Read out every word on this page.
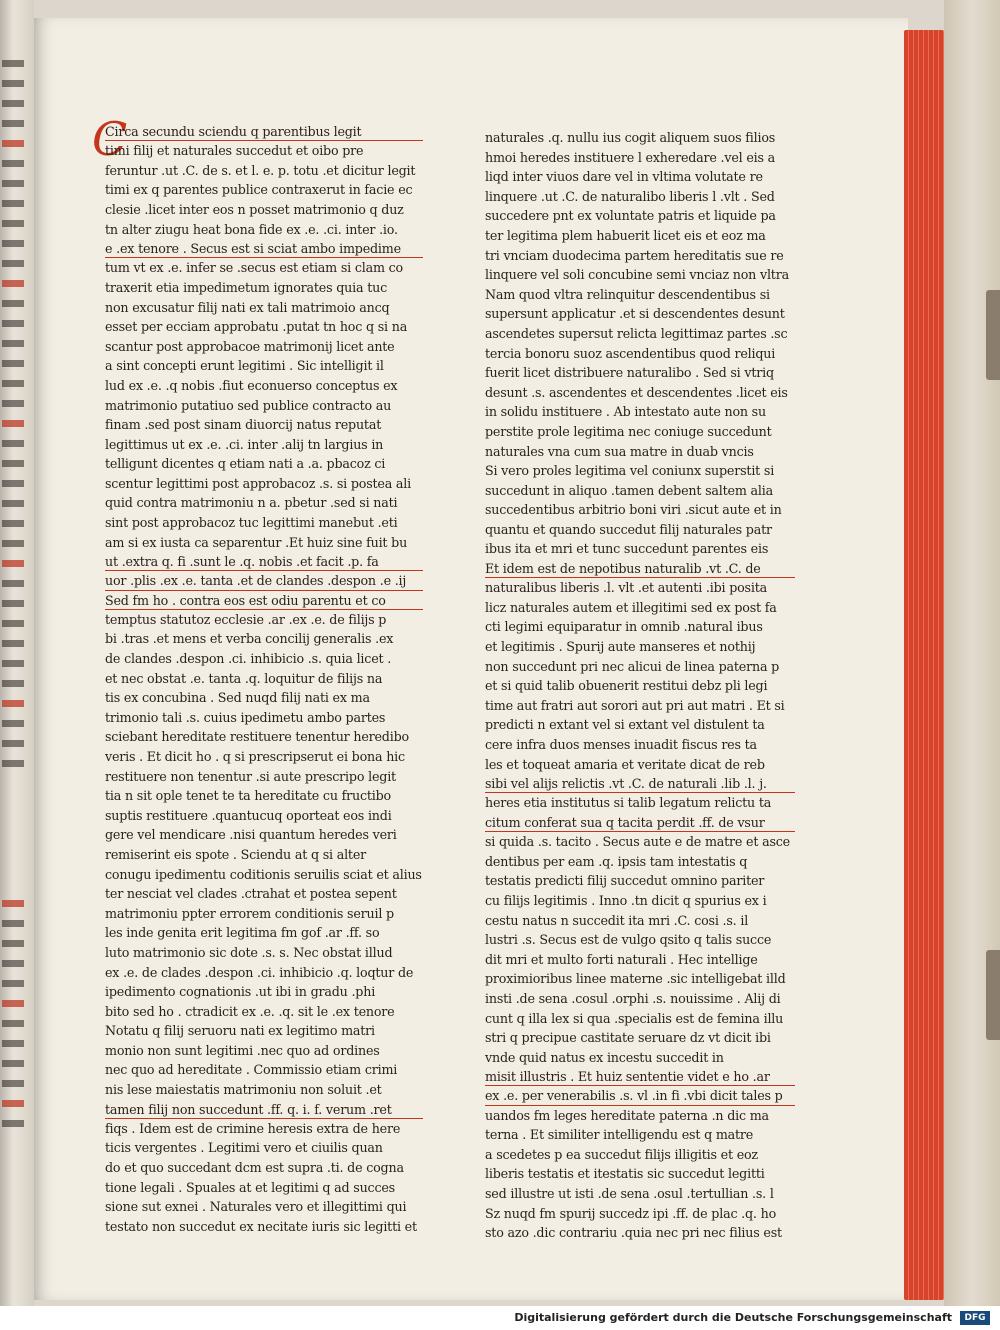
C
Circa secundu sciendu q parentibus legit
timi filij et naturales succedut et oibo pre
feruntur .ut .C. de s. et l. e. p. totu .et dicitur legit
timi ex q parentes publice contraxerut in facie ec
clesie .licet inter eos n posset matrimonio q duz
tn alter ziugu heat bona fide ex .e. .ci. inter .io.
e .ex tenore . Secus est si sciat ambo impedime
tum vt ex .e. infer se .secus est etiam si clam co
traxerit etia impedimetum ignorates quia tuc
non excusatur filij nati ex tali matrimoio ancq
esset per ecciam approbatu .putat tn hoc q si na
scantur post approbacoe matrimonij licet ante
a sint concepti erunt legitimi . Sic intelligit il
lud ex .e. .q nobis .fiut econuerso conceptus ex
matrimonio putatiuo sed publice contracto au
finam .sed post sinam diuorcij natus reputat
legittimus ut ex .e. .ci. inter .alij tn largius in
telligunt dicentes q etiam nati a .a. pbacoz ci
scentur legittimi post approbacoz .s. si postea ali
quid contra matrimoniu n a. pbetur .sed si nati
sint post approbacoz tuc legittimi manebut .eti
am si ex iusta ca separentur .Et huiz sine fuit bu
ut .extra q. fi .sunt le .q. nobis .et facit .p. fa
uor .plis .ex .e. tanta .et de clandes .despon .e .ij
Sed fm ho . contra eos est odiu parentu et co
temptus statutoz ecclesie .ar .ex .e. de filijs p
bi .tras .et mens et verba concilij generalis .ex
de clandes .despon .ci. inhibicio .s. quia licet .
et nec obstat .e. tanta .q. loquitur de filijs na
tis ex concubina . Sed nuqd filij nati ex ma
trimonio tali .s. cuius ipedimetu ambo partes
sciebant hereditate restituere tenentur heredibo
veris . Et dicit ho . q si prescripserut ei bona hic
restituere non tenentur .si aute prescripo legit
tia n sit ople tenet te ta hereditate cu fructibo
suptis restituere .quantucuq oporteat eos indi
gere vel mendicare .nisi quantum heredes veri
remiserint eis spote . Sciendu at q si alter
conugu ipedimentu coditionis seruilis sciat et alius
ter nesciat vel clades .ctrahat et postea sepent
matrimoniu ppter errorem conditionis seruil p
les inde genita erit legitima fm gof .ar .ff. so
luto matrimonio sic dote .s. s. Nec obstat illud
ex .e. de clades .despon .ci. inhibicio .q. loqtur de
ipedimento cognationis .ut ibi in gradu .phi
bito sed ho . ctradicit ex .e. .q. sit le .ex tenore
Notatu q filij seruoru nati ex legitimo matri
monio non sunt legitimi .nec quo ad ordines
nec quo ad hereditate . Commissio etiam crimi
nis lese maiestatis matrimoniu non soluit .et
tamen filij non succedunt .ff. q. i. f. verum .ret
fiqs . Idem est de crimine heresis extra de here
ticis vergentes . Legitimi vero et ciuilis quan
do et quo succedant dcm est supra .ti. de cogna
tione legali . Spuales at et legitimi q ad succes
sione sut exnei . Naturales vero et illegittimi qui
testato non succedut ex necitate iuris sic legitti et
naturales .q. nullu ius cogit aliquem suos filios
hmoi heredes instituere l exheredare .vel eis a
liqd inter viuos dare vel in vltima volutate re
linquere .ut .C. de naturalibo liberis l .vlt . Sed
succedere pnt ex voluntate patris et liquide pa
ter legitima plem habuerit licet eis et eoz ma
tri vnciam duodecima partem hereditatis sue re
linquere vel soli concubine semi vnciaz non vltra
Nam quod vltra relinquitur descendentibus si
supersunt applicatur .et si descendentes desunt
ascendetes supersut relicta legittimaz partes .sc
tercia bonoru suoz ascendentibus quod reliqui
fuerit licet distribuere naturalibo . Sed si vtriq
desunt .s. ascendentes et descendentes .licet eis
in solidu instituere . Ab intestato aute non su
perstite prole legitima nec coniuge succedunt
naturales vna cum sua matre in duab vncis
Si vero proles legitima vel coniunx superstit si
succedunt in aliquo .tamen debent saltem alia
succedentibus arbitrio boni viri .sicut aute et in
quantu et quando succedut filij naturales patr
ibus ita et mri et tunc succedunt parentes eis
Et idem est de nepotibus naturalib .vt .C. de
naturalibus liberis .l. vlt .et autenti .ibi posita
licz naturales autem et illegitimi sed ex post fa
cti legimi equiparatur in omnib .natural ibus
et legitimis . Spurij aute manseres et nothij
non succedunt pri nec alicui de linea paterna p
et si quid talib obuenerit restitui debz pli legi
time aut fratri aut sorori aut pri aut matri . Et si
predicti n extant vel si extant vel distulent ta
cere infra duos menses inuadit fiscus res ta
les et toqueat amaria et veritate dicat de reb
sibi vel alijs relictis .vt .C. de naturali .lib .l. j.
heres etia institutus si talib legatum relictu ta
citum conferat sua q tacita perdit .ff. de vsur
si quida .s. tacito . Secus aute e de matre et asce
dentibus per eam .q. ipsis tam intestatis q
testatis predicti filij succedut omnino pariter
cu filijs legitimis . Inno .tn dicit q spurius ex i
cestu natus n succedit ita mri .C. cosi .s. il
lustri .s. Secus est de vulgo qsito q talis succe
dit mri et multo forti naturali . Hec intellige
proximioribus linee materne .sic intelligebat illd
insti .de sena .cosul .orphi .s. nouissime . Alij di
cunt q illa lex si qua .specialis est de femina illu
stri q precipue castitate seruare dz vt dicit ibi
vnde quid natus ex incestu succedit in
misit illustris . Et huiz sententie videt e ho .ar
ex .e. per venerabilis .s. vl .in fi .vbi dicit tales p
uandos fm leges hereditate paterna .n dic ma
terna . Et similiter intelligendu est q matre
a scedetes p ea succedut filijs illigitis et eoz
liberis testatis et itestatis sic succedut legitti
sed illustre ut isti .de sena .osul .tertullian .s. l
Sz nuqd fm spurij succedz ipi .ff. de plac .q. ho
sto azo .dic contrariu .quia nec pri nec filius est
Digitalisierung gefördert durch die Deutsche Forschungsgemeinschaft	DFG
